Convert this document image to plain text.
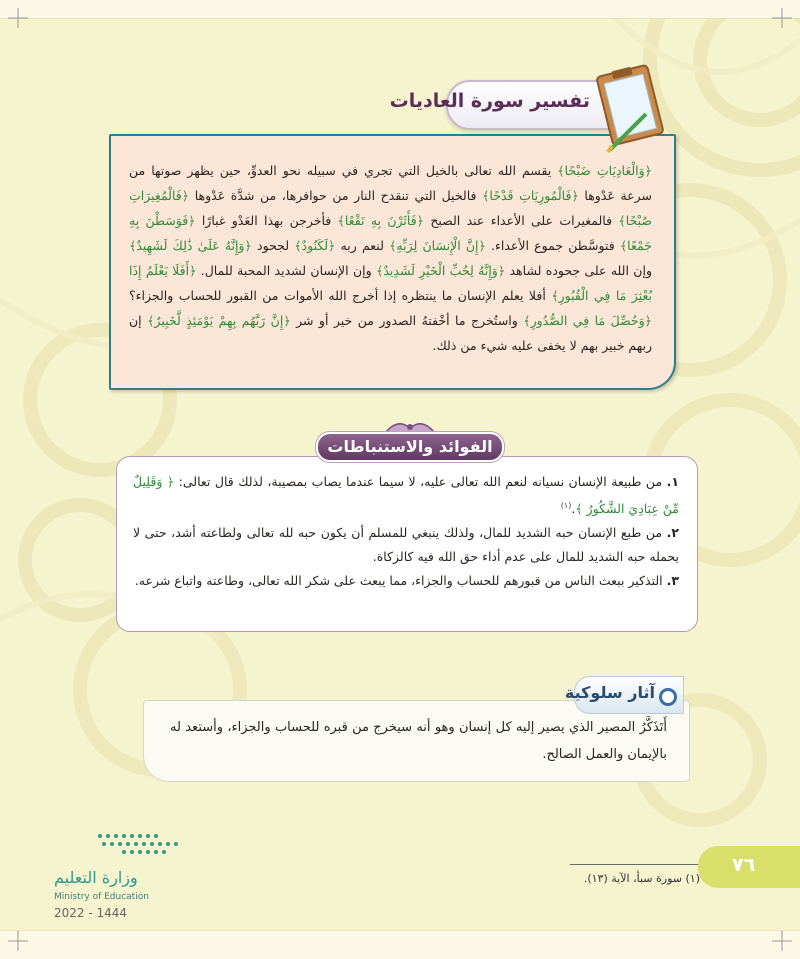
تفسير سورة العاديات
﴿وَالْعَادِيَاتِ ضَبْحًا﴾ يقسم الله تعالى بالخيل التي تجري في سبيله نحو العدوِّ، حين يظهر صوتها من سرعة عَدْوها ﴿فَالْمُورِيَاتِ قَدْحًا﴾ فالخيل التي تنقدح النار من حوافرها، من شدَّة عَدْوها ﴿فَالْمُغِيرَاتِ صُبْحًا﴾ فالمغيرات على الأعداء عند الصبح ﴿فَأَثَرْنَ بِهِ نَقْعًا﴾ فأخرجن بهذا العَدْو غبارًا ﴿فَوَسَطْنَ بِهِ جَمْعًا﴾ فتوسَّطن جموع الأعداء. ﴿إِنَّ الْإِنسَانَ لِرَبِّهِ﴾ لنعم ربه ﴿لَكَنُودٌ﴾ لجحود ﴿وَإِنَّهُ عَلَىٰ ذَٰلِكَ لَشَهِيدٌ﴾ وإن الله على جحوده لشاهد ﴿وَإِنَّهُ لِحُبِّ الْخَيْرِ لَشَدِيدٌ﴾ وإن الإنسان لشديد المحبة للمال. ﴿أَفَلَا يَعْلَمُ إِذَا بُعْثِرَ مَا فِي الْقُبُورِ﴾ أفلا يعلم الإنسان ما ينتظره إذا أخرج الله الأموات من القبور للحساب والجزاء؟ ﴿وَحُصِّلَ مَا فِي الصُّدُورِ﴾ واستُخرج ما أخْفتهُ الصدور من خير أو شر ﴿إِنَّ رَبَّهُم بِهِمْ يَوْمَئِذٍ لَّخَبِيرٌ﴾ إن ربهم خبير بهم لا يخفى عليه شيء من ذلك.
الفوائد والاستنباطات
١. من طبيعة الإنسان نسيانه لنعم الله تعالى عليه، لا سيما عندما يصاب بمصيبة، لذلك قال تعالى: ﴿ وَقَلِيلٌ مِّنْ عِبَادِيَ الشَّكُورُ ﴾.$^{(١)}$
٢. من طبع الإنسان حبه الشديد للمال، ولذلك ينبغي للمسلم أن يكون حبه لله تعالى ولطاعته أشد، حتى لا يحمله حبه الشديد للمال على عدم أداء حق الله فيه كالزكاة.
٣. التذكير ببعث الناس من قبورهم للحساب والجزاء، مما يبعث على شكر الله تعالى، وطاعته واتباع شرعه.
أَتَذَكَّرُ المصير الذي يصير إليه كل إنسان وهو أنه سيخرج من قبره للحساب والجزاء، وأستعد له بالإيمان والعمل الصالح.
آثار سلوكية
(١) سورة سبأ، الآية (١٣).
٧٦
وزارة التعليم
Ministry of Education
2022 - 1444
